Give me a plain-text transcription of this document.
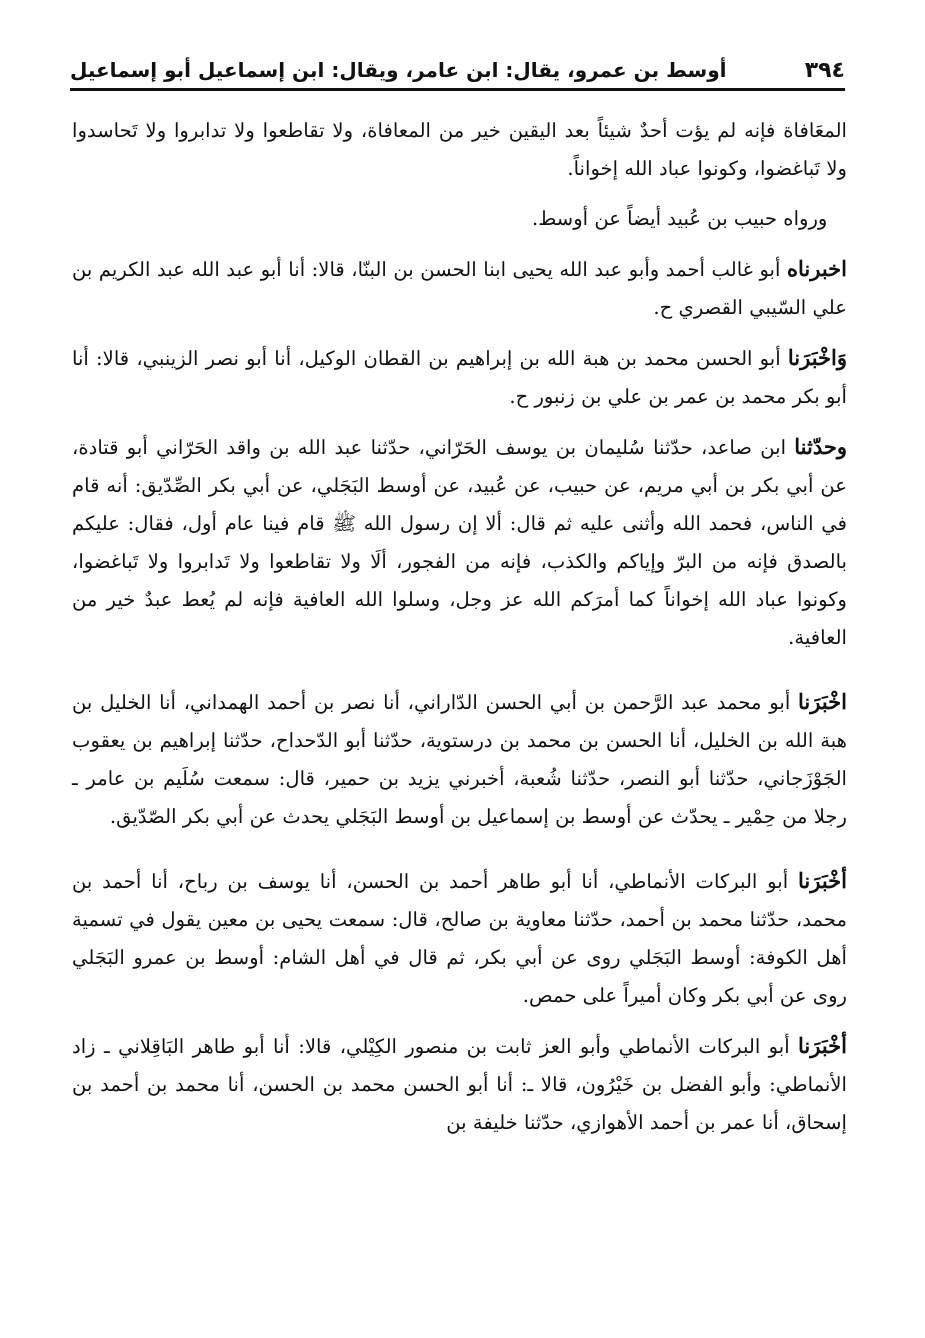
٣٩٤
أوسط بن عمرو، يقال: ابن عامر، ويقال: ابن إسماعيل أبو إسماعيل

المعَافاة فإنه لم يؤت أحدٌ شيئاً بعد اليقين خير من المعافاة، ولا تقاطعوا ولا تدابروا ولا تَحاسدوا ولا تَباغضوا، وكونوا عباد الله إخواناً.

 ورواه حبيب بن عُبيد أيضاً عن أوسط.

اخبرناه أبو غالب أحمد وأبو عبد الله يحيى ابنا الحسن بن البنّا، قالا: أنا أبو عبد الله عبد الكريم بن علي السّيبي القصري ح.

وَاخْبَرَنا أبو الحسن محمد بن هبة الله بن إبراهيم بن القطان الوكيل، أنا أبو نصر الزينبي، قالا: أنا أبو بكر محمد بن عمر بن علي بن زنبور ح.

وحدّثنا ابن صاعد، حدّثنا سُليمان بن يوسف الحَرّاني، حدّثنا عبد الله بن واقد الحَرّاني أبو قتادة، عن أبي بكر بن أبي مريم، عن حبيب، عن عُبيد، عن أوسط البَجَلي، عن أبي بكر الصِّدّيق: أنه قام في الناس، فحمد الله وأثنى عليه ثم قال: ألا إن رسول الله ﷺ قام فينا عام أول، فقال: عليكم بالصدق فإنه من البرّ وإياكم والكذب، فإنه من الفجور، ألَا ولا تقاطعوا ولا تَدابروا ولا تَباغضوا، وكونوا عباد الله إخواناً كما أمرَكم الله عز وجل، وسلوا الله العافية فإنه لم يُعط عبدٌ خير من العافية.

اخْبَرَنا أبو محمد عبد الرَّحمن بن أبي الحسن الدّاراني، أنا نصر بن أحمد الهمداني، أنا الخليل بن هبة الله بن الخليل، أنا الحسن بن محمد بن درستوية، حدّثنا أبو الدّحداح، حدّثنا إبراهيم بن يعقوب الجَوْزَجاني، حدّثنا أبو النصر، حدّثنا شُعبة، أخبرني يزيد بن حمير، قال: سمعت سُلَيم بن عامر ـ رجلا من حِمْير ـ يحدّث عن أوسط بن إسماعيل بن أوسط البَجَلي يحدث عن أبي بكر الصّدّيق.

أخْبَرَنا أبو البركات الأنماطي، أنا أبو طاهر أحمد بن الحسن، أنا يوسف بن رباح، أنا أحمد بن محمد، حدّثنا محمد بن أحمد، حدّثنا معاوية بن صالح، قال: سمعت يحيى بن معين يقول في تسمية أهل الكوفة: أوسط البَجَلي روى عن أبي بكر، ثم قال في أهل الشام: أوسط بن عمرو البَجَلي روى عن أبي بكر وكان أميراً على حمص.

أخْبَرَنا أبو البركات الأنماطي وأبو العز ثابت بن منصور الكِيْلي، قالا: أنا أبو طاهر البَاقِلاني ـ زاد الأنماطي: وأبو الفضل بن خَيْرُون، قالا ـ: أنا أبو الحسن محمد بن الحسن، أنا محمد بن أحمد بن إسحاق، أنا عمر بن أحمد الأهوازي، حدّثنا خليفة بن
